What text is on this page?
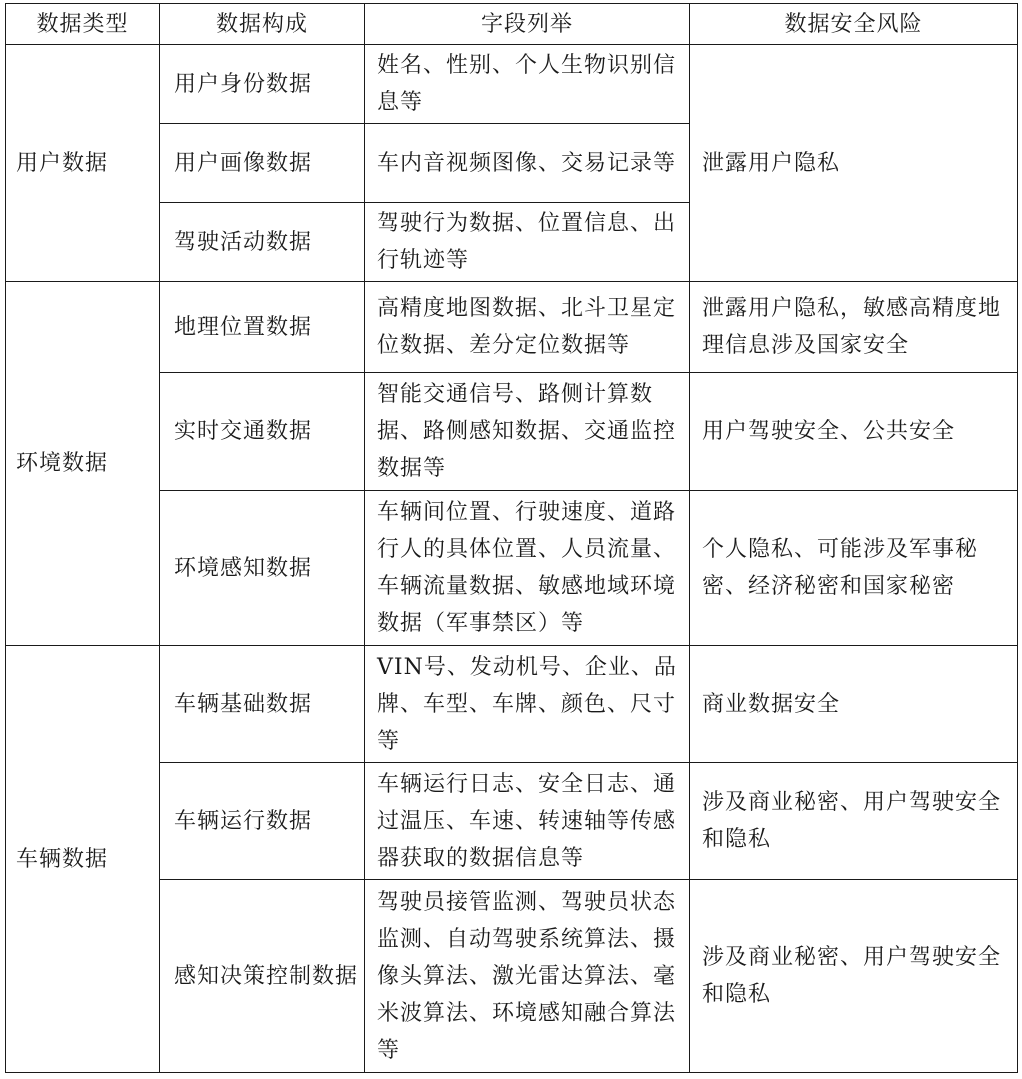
数据类型	数据构成	字段列举	数据安全风险
用户数据	用户身份数据	姓名、性别、个人生物识别信息等	泄露用户隐私
	用户画像数据	车内音视频图像、交易记录等	
	驾驶活动数据	驾驶行为数据、位置信息、出行轨迹等	
环境数据	地理位置数据	高精度地图数据、北斗卫星定位数据、差分定位数据等	泄露用户隐私，敏感高精度地理信息涉及国家安全
	实时交通数据	智能交通信号、路侧计算数据、路侧感知数据、交通监控数据等	用户驾驶安全、公共安全
	环境感知数据	车辆间位置、行驶速度、道路行人的具体位置、人员流量、车辆流量数据、敏感地域环境数据（军事禁区）等	个人隐私、可能涉及军事秘密、经济秘密和国家秘密
车辆数据	车辆基础数据	VIN号、发动机号、企业、品牌、车型、车牌、颜色、尺寸等	商业数据安全
	车辆运行数据	车辆运行日志、安全日志、通过温压、车速、转速轴等传感器获取的数据信息等	涉及商业秘密、用户驾驶安全和隐私
	感知决策控制数据	驾驶员接管监测、驾驶员状态监测、自动驾驶系统算法、摄像头算法、激光雷达算法、毫米波算法、环境感知融合算法等	涉及商业秘密、用户驾驶安全和隐私
